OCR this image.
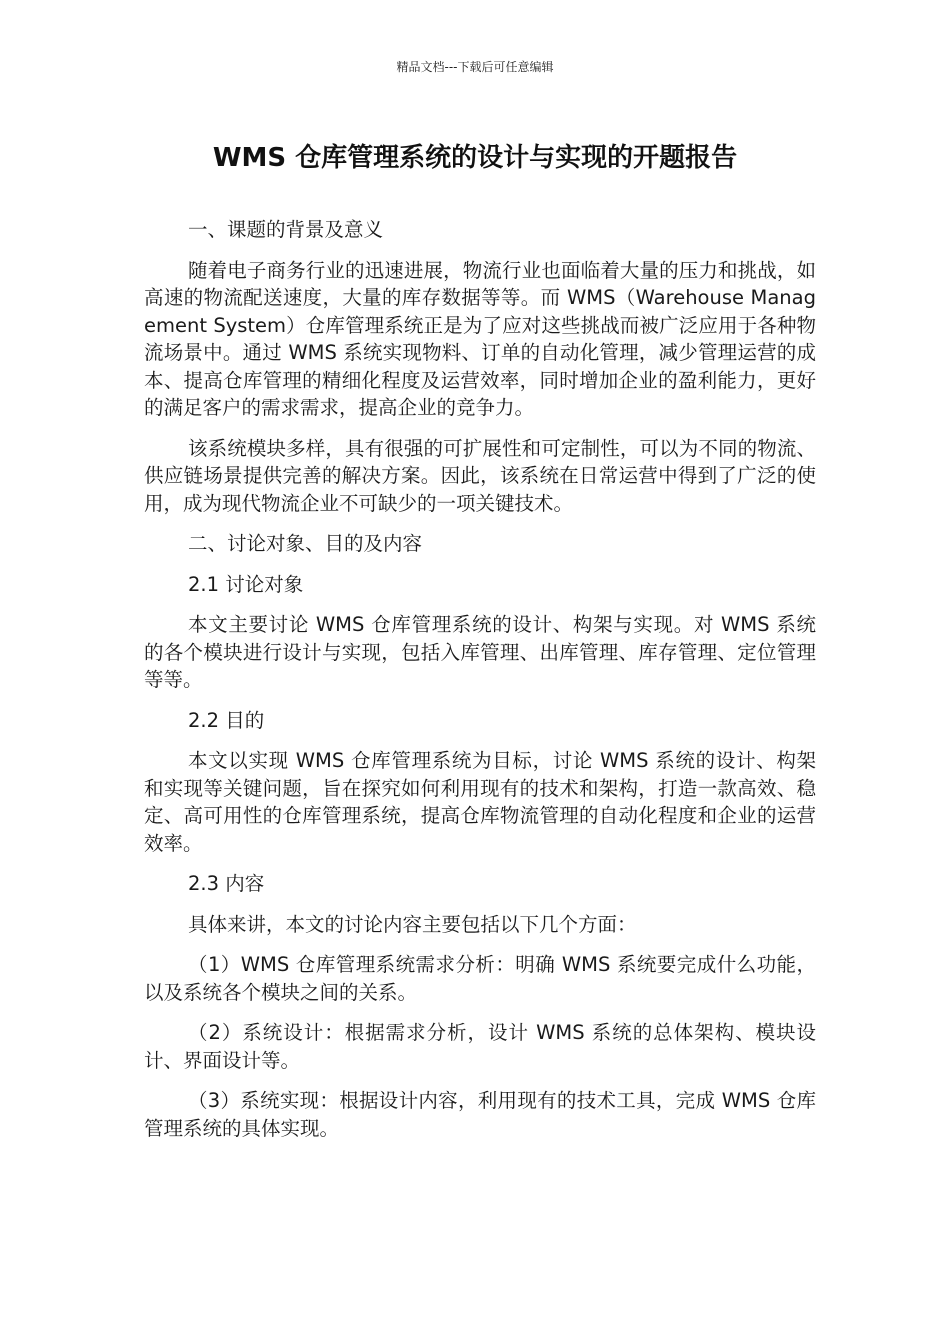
精品文档---下载后可任意编辑
WMS 仓库管理系统的设计与实现的开题报告
一、课题的背景及意义

随着电子商务行业的迅速进展，物流行业也面临着大量的压力和挑战，如高速的物流配送速度，大量的库存数据等等。而 WMS（Warehouse Management System）仓库管理系统正是为了应对这些挑战而被广泛应用于各种物流场景中。通过 WMS 系统实现物料、订单的自动化管理，减少管理运营的成本、提高仓库管理的精细化程度及运营效率，同时增加企业的盈利能力，更好的满足客户的需求需求，提高企业的竞争力。

该系统模块多样，具有很强的可扩展性和可定制性，可以为不同的物流、供应链场景提供完善的解决方案。因此，该系统在日常运营中得到了广泛的使用，成为现代物流企业不可缺少的一项关键技术。

二、讨论对象、目的及内容
2.1 讨论对象

本文主要讨论 WMS 仓库管理系统的设计、构架与实现。对 WMS 系统的各个模块进行设计与实现，包括入库管理、出库管理、库存管理、定位管理等等。

2.2 目的

本文以实现 WMS 仓库管理系统为目标，讨论 WMS 系统的设计、构架和实现等关键问题，旨在探究如何利用现有的技术和架构，打造一款高效、稳定、高可用性的仓库管理系统，提高仓库物流管理的自动化程度和企业的运营效率。

2.3 内容

具体来讲，本文的讨论内容主要包括以下几个方面：

（1）WMS 仓库管理系统需求分析：明确 WMS 系统要完成什么功能，以及系统各个模块之间的关系。

（2）系统设计：根据需求分析，设计 WMS 系统的总体架构、模块设计、界面设计等。

（3）系统实现：根据设计内容，利用现有的技术工具，完成 WMS 仓库管理系统的具体实现。
